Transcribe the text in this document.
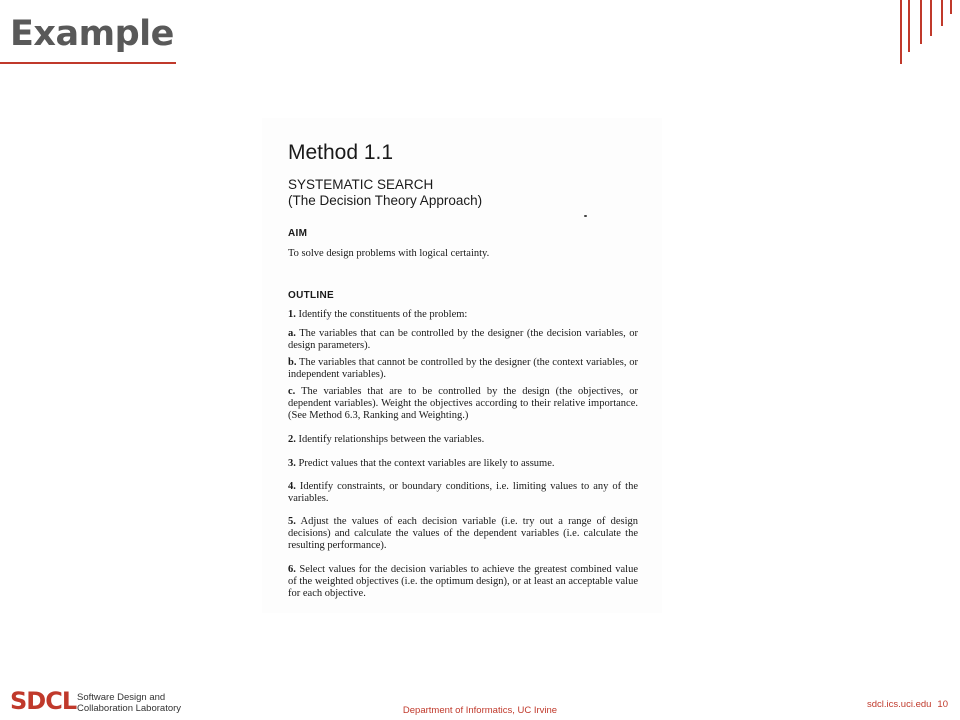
Example
Method 1.1
SYSTEMATIC SEARCH
(The Decision Theory Approach)
AIM
To solve design problems with logical certainty.
OUTLINE
1. Identify the constituents of the problem:
a. The variables that can be controlled by the designer (the decision variables, or design parameters).
b. The variables that cannot be controlled by the designer (the context variables, or independent variables).
c. The variables that are to be controlled by the design (the objectives, or dependent variables). Weight the objectives according to their relative importance. (See Method 6.3, Ranking and Weighting.)
2. Identify relationships between the variables.
3. Predict values that the context variables are likely to assume.
4. Identify constraints, or boundary conditions, i.e. limiting values to any of the variables.
5. Adjust the values of each decision variable (i.e. try out a range of design decisions) and calculate the values of the dependent variables (i.e. calculate the resulting performance).
6. Select values for the decision variables to achieve the greatest combined value of the weighted objectives (i.e. the optimum design), or at least an acceptable value for each objective.
SDCL Software Design and
Collaboration Laboratory	Department of Informatics, UC Irvine
sdcl.ics.uci.edu 10
